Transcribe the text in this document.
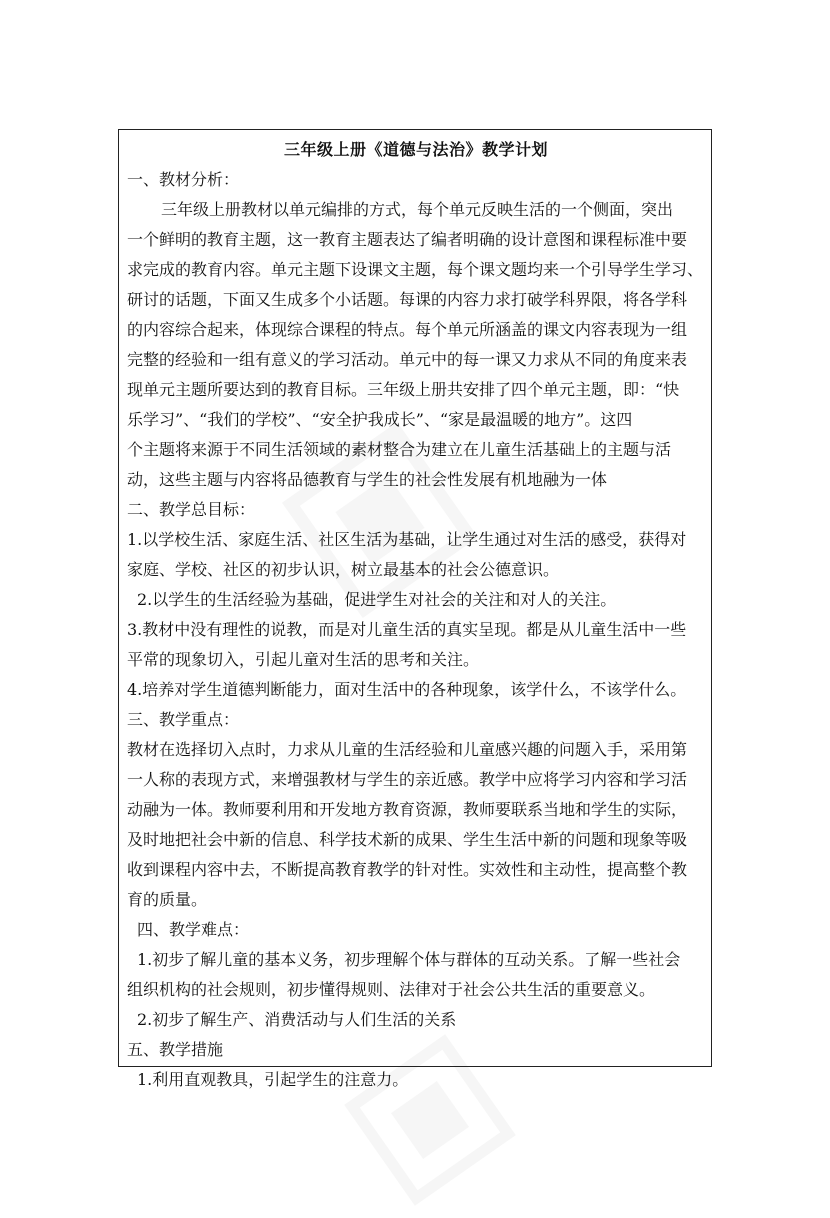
三年级上册《道德与法治》教学计划
一、教材分析：
三年级上册教材以单元编排的方式，每个单元反映生活的一个侧面，突出
一个鲜明的教育主题，这一教育主题表达了编者明确的设计意图和课程标准中要
求完成的教育内容。单元主题下设课文主题，每个课文题均来一个引导学生学习、
研讨的话题，下面又生成多个小话题。每课的内容力求打破学科界限，将各学科
的内容综合起来，体现综合课程的特点。每个单元所涵盖的课文内容表现为一组
完整的经验和一组有意义的学习活动。单元中的每一课又力求从不同的角度来表
现单元主题所要达到的教育目标。三年级上册共安排了四个单元主题，即：“快
乐学习”、“我们的学校”、“安全护我成长”、“家是最温暖的地方”。这四
个主题将来源于不同生活领域的素材整合为建立在儿童生活基础上的主题与活
动，这些主题与内容将品德教育与学生的社会性发展有机地融为一体
二、教学总目标：
1.以学校生活、家庭生活、社区生活为基础，让学生通过对生活的感受，获得对
家庭、学校、社区的初步认识，树立最基本的社会公德意识。
2.以学生的生活经验为基础，促进学生对社会的关注和对人的关注。
3.教材中没有理性的说教，而是对儿童生活的真实呈现。都是从儿童生活中一些
平常的现象切入，引起儿童对生活的思考和关注。
4.培养对学生道德判断能力，面对生活中的各种现象，该学什么，不该学什么。
三、教学重点：
教材在选择切入点时，力求从儿童的生活经验和儿童感兴趣的问题入手，采用第
一人称的表现方式，来增强教材与学生的亲近感。教学中应将学习内容和学习活
动融为一体。教师要利用和开发地方教育资源，教师要联系当地和学生的实际，
及时地把社会中新的信息、科学技术新的成果、学生生活中新的问题和现象等吸
收到课程内容中去，不断提高教育教学的针对性。实效性和主动性，提高整个教
育的质量。
四、教学难点：
1.初步了解儿童的基本义务，初步理解个体与群体的互动关系。了解一些社会
组织机构的社会规则，初步懂得规则、法律对于社会公共生活的重要意义。
2.初步了解生产、消费活动与人们生活的关系
五、教学措施
1.利用直观教具，引起学生的注意力。
